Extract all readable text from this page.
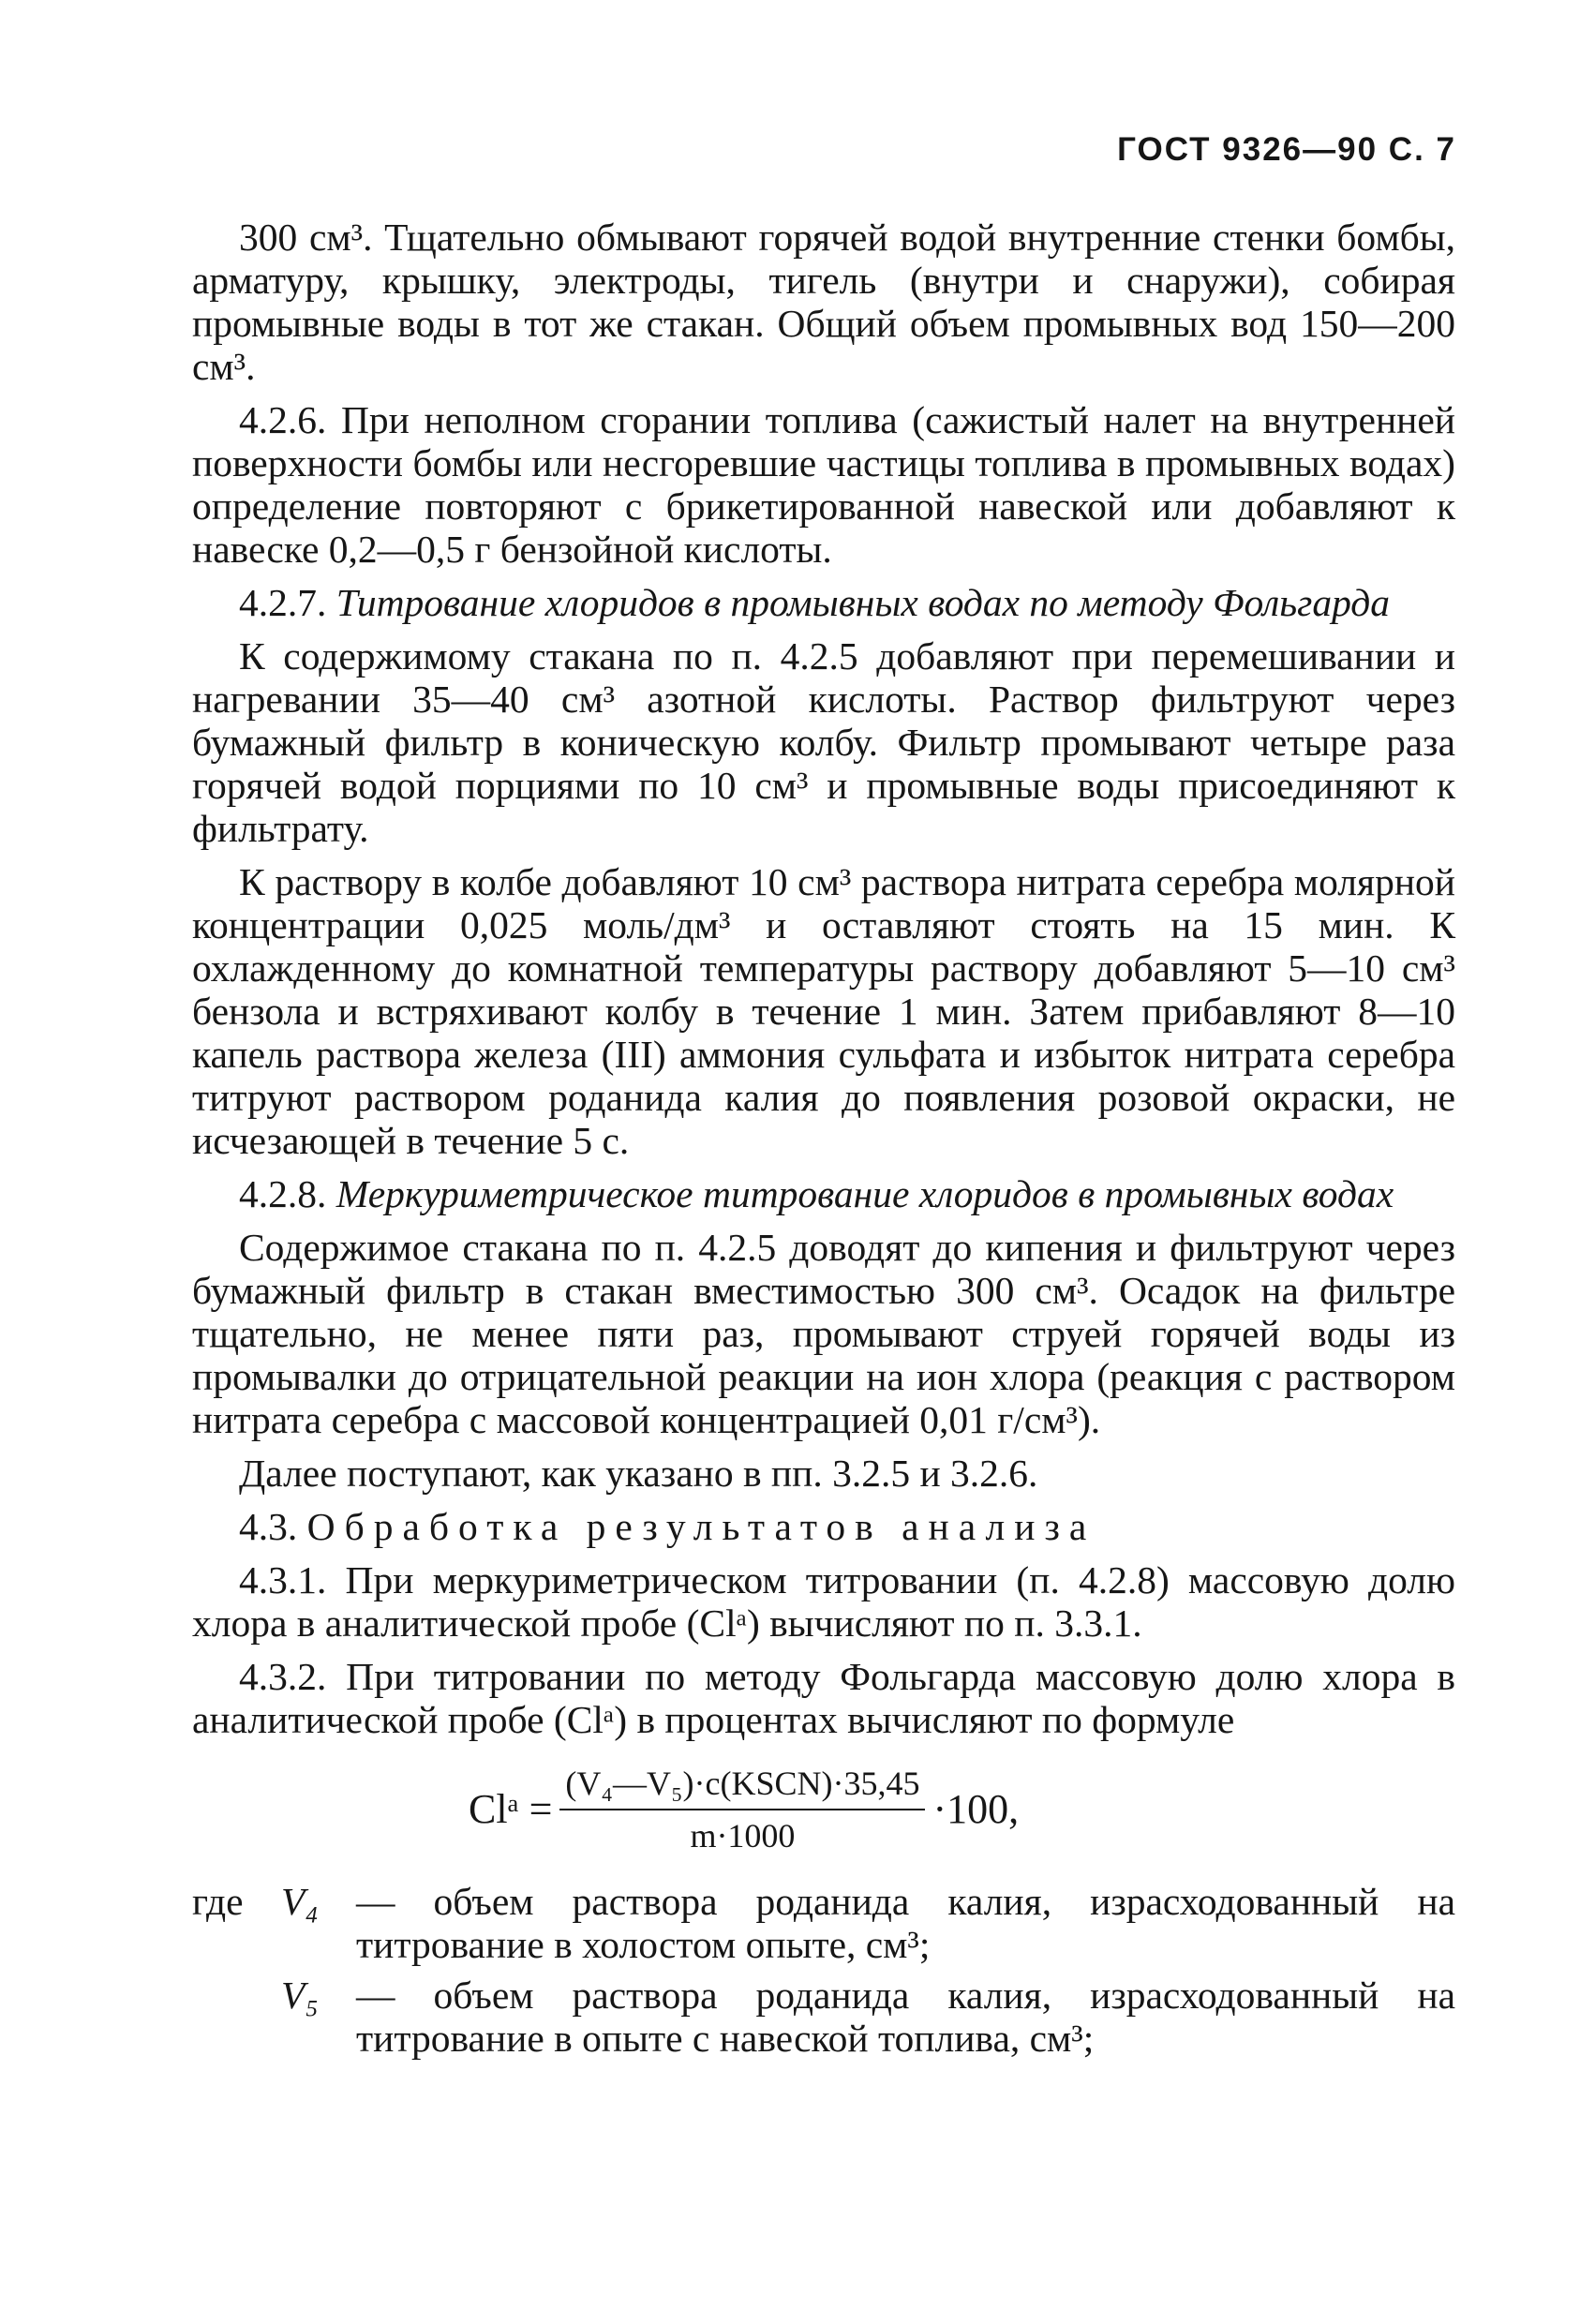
ГОСТ 9326—90 С. 7

300 см³. Тщательно обмывают горячей водой внутренние стенки бомбы, арматуру, крышку, электроды, тигель (внутри и снаружи), собирая промывные воды в тот же стакан. Общий объем промывных вод 150—200 см³.

4.2.6. При неполном сгорании топлива (сажистый налет на внутренней поверхности бомбы или несгоревшие частицы топлива в промывных водах) определение повторяют с брикетированной навеской или добавляют к навеске 0,2—0,5 г бензойной кислоты.

4.2.7. Титрование хлоридов в промывных водах по методу Фольгарда

К содержимому стакана по п. 4.2.5 добавляют при перемешивании и нагревании 35—40 см³ азотной кислоты. Раствор фильтруют через бумажный фильтр в коническую колбу. Фильтр промывают четыре раза горячей водой порциями по 10 см³ и промывные воды присоединяют к фильтрату.

К раствору в колбе добавляют 10 см³ раствора нитрата серебра молярной концентрации 0,025 моль/дм³ и оставляют стоять на 15 мин. К охлажденному до комнатной температуры раствору добавляют 5—10 см³ бензола и встряхивают колбу в течение 1 мин. Затем прибавляют 8—10 капель раствора железа (III) аммония сульфата и избыток нитрата серебра титруют раствором роданида калия до появления розовой окраски, не исчезающей в течение 5 с.

4.2.8. Меркуриметрическое титрование хлоридов в промывных водах

Содержимое стакана по п. 4.2.5 доводят до кипения и фильтруют через бумажный фильтр в стакан вместимостью 300 см³. Осадок на фильтре тщательно, не менее пяти раз, промывают струей горячей воды из промывалки до отрицательной реакции на ион хлора (реакция с раствором нитрата серебра с массовой концентрацией 0,01 г/см³).

Далее поступают, как указано в пп. 3.2.5 и 3.2.6.

4.3. Обработка результатов анализа

4.3.1. При меркуриметрическом титровании (п. 4.2.8) массовую долю хлора в аналитической пробе (Clᵃ) вычисляют по п. 3.3.1.

4.3.2. При титровании по методу Фольгарда массовую долю хлора в аналитической пробе (Clᵃ) в процентах вычисляют по формуле

Clᵃ = $\frac{\text{(V₄—V₅)·c(KSCN)·35,45}}{m\cdot 1000} \cdot 100$,
где V₄ — объем раствора роданида калия, израсходованный на титрование в холостом опыте, см³;
V₅ — объем раствора роданида калия, израсходованный на титрование в опыте с навеской топлива, см³;
